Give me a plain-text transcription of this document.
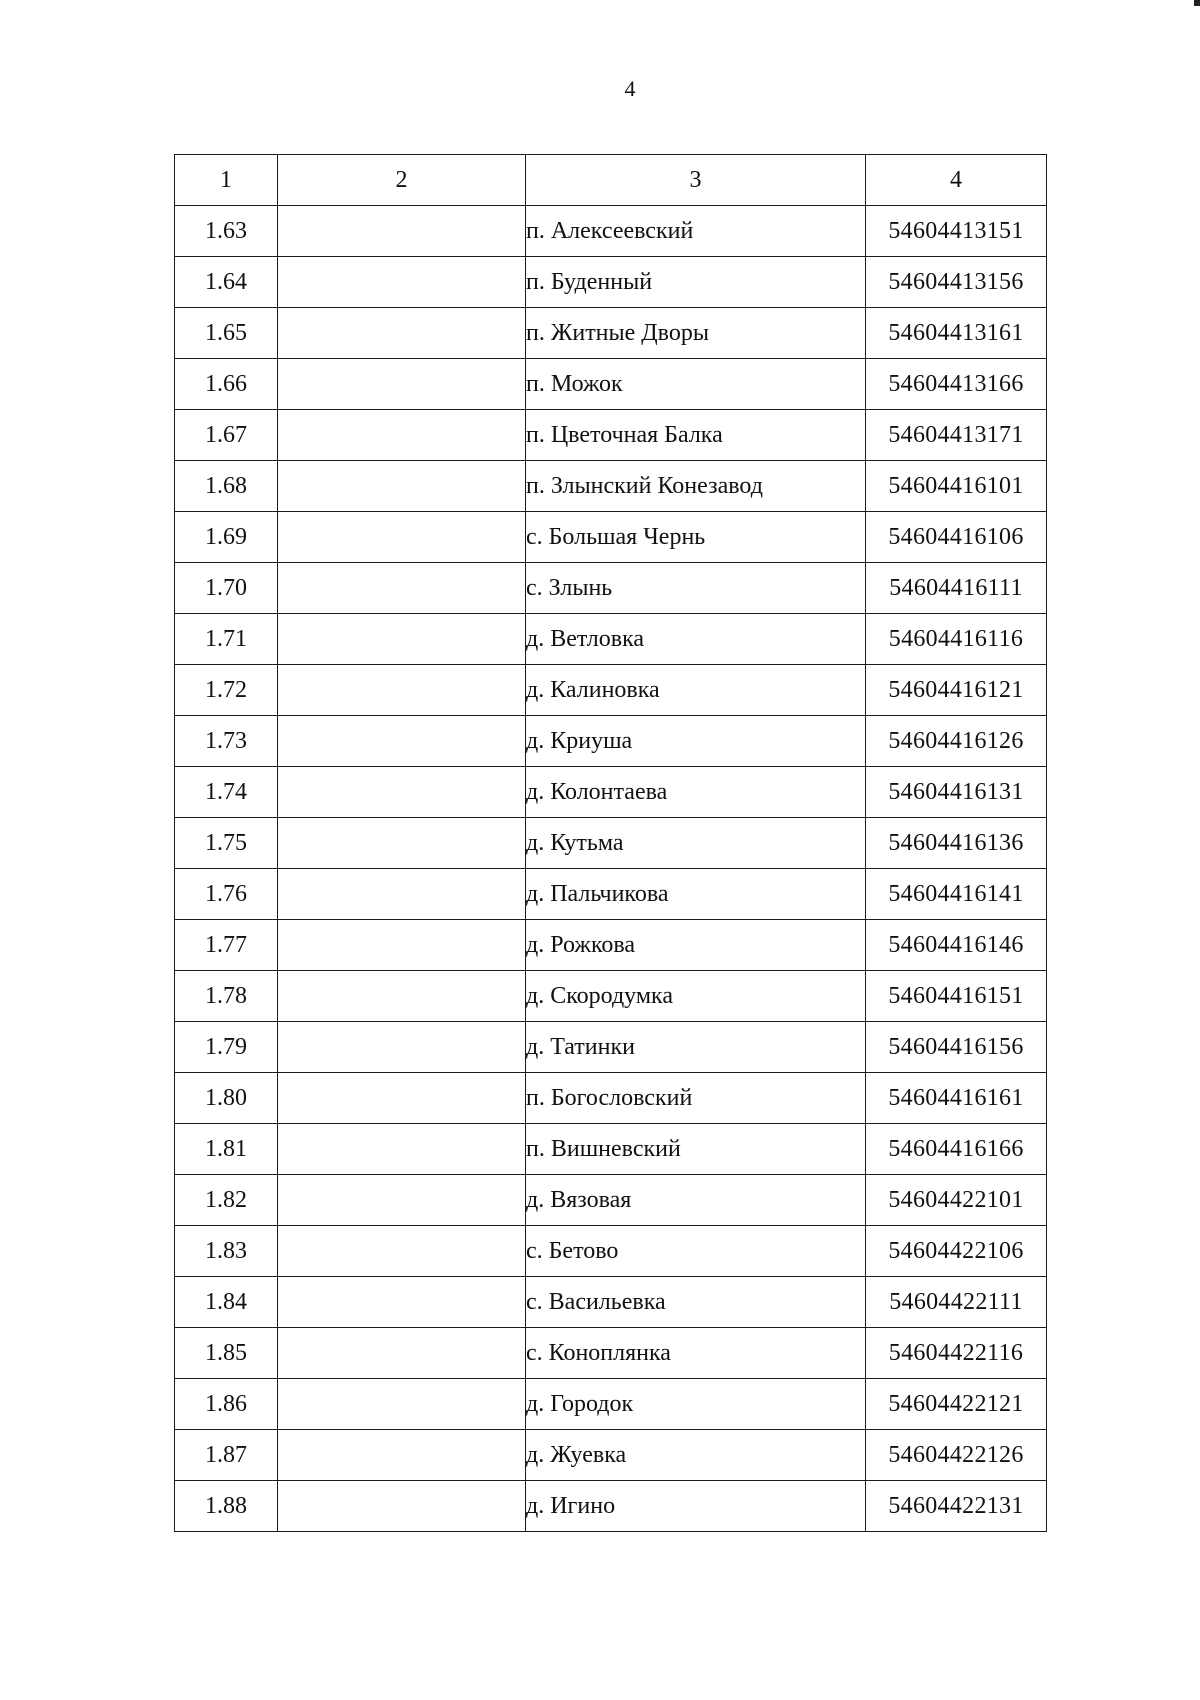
4
1	2	3	4
1.63		п. Алексеевский	54604413151
1.64		п. Буденный	54604413156
1.65		п. Житные Дворы	54604413161
1.66		п. Можок	54604413166
1.67		п. Цветочная Балка	54604413171
1.68		п. Злынский Конезавод	54604416101
1.69		с. Большая Чернь	54604416106
1.70		с. Злынь	54604416111
1.71		д. Ветловка	54604416116
1.72		д. Калиновка	54604416121
1.73		д. Криуша	54604416126
1.74		д. Колонтаева	54604416131
1.75		д. Кутьма	54604416136
1.76		д. Пальчикова	54604416141
1.77		д. Рожкова	54604416146
1.78		д. Скородумка	54604416151
1.79		д. Татинки	54604416156
1.80		п. Богословский	54604416161
1.81		п. Вишневский	54604416166
1.82		д. Вязовая	54604422101
1.83		с. Бетово	54604422106
1.84		с. Васильевка	54604422111
1.85		с. Коноплянка	54604422116
1.86		д. Городок	54604422121
1.87		д. Жуевка	54604422126
1.88		д. Игино	54604422131
